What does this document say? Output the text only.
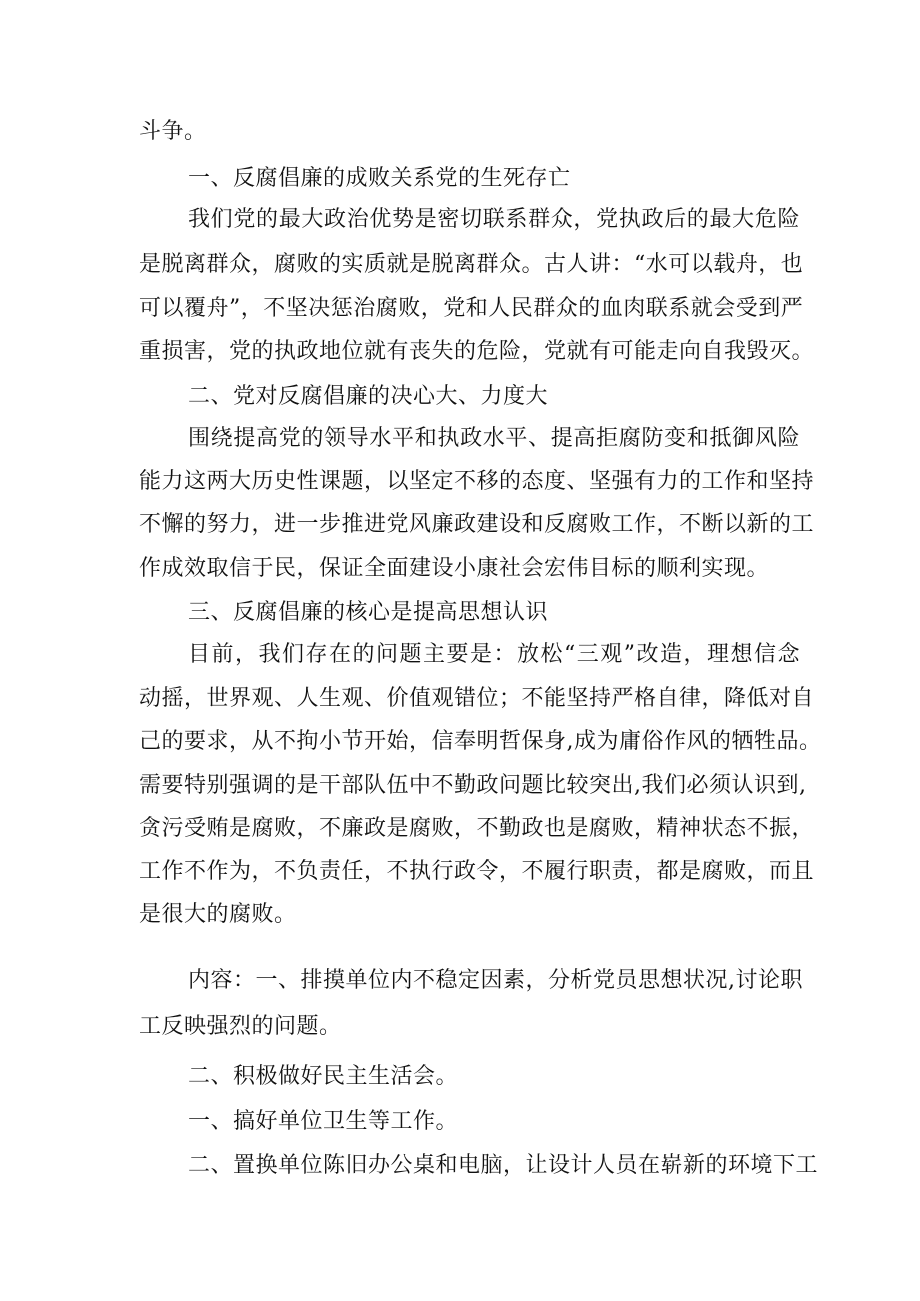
斗争。
一、反腐倡廉的成败关系党的生死存亡
我们党的最大政治优势是密切联系群众，党执政后的最大危险
是脱离群众，腐败的实质就是脱离群众。古人讲：“水可以载舟，也
可以覆舟”，不坚决惩治腐败，党和人民群众的血肉联系就会受到严
重损害，党的执政地位就有丧失的危险，党就有可能走向自我毁灭。
二、党对反腐倡廉的决心大、力度大
围绕提高党的领导水平和执政水平、提高拒腐防变和抵御风险
能力这两大历史性课题，以坚定不移的态度、坚强有力的工作和坚持
不懈的努力，进一步推进党风廉政建设和反腐败工作，不断以新的工
作成效取信于民，保证全面建设小康社会宏伟目标的顺利实现。
三、反腐倡廉的核心是提高思想认识
目前，我们存在的问题主要是：放松“三观”改造，理想信念
动摇，世界观、人生观、价值观错位；不能坚持严格自律，降低对自
己的要求，从不拘小节开始，信奉明哲保身,成为庸俗作风的牺牲品。
需要特别强调的是干部队伍中不勤政问题比较突出,我们必须认识到,
贪污受贿是腐败，不廉政是腐败，不勤政也是腐败，精神状态不振，
工作不作为，不负责任，不执行政令，不履行职责，都是腐败，而且
是很大的腐败。
内容：一、排摸单位内不稳定因素，分析党员思想状况,讨论职
工反映强烈的问题。
二、积极做好民主生活会。
一、搞好单位卫生等工作。
二、置换单位陈旧办公桌和电脑，让设计人员在崭新的环境下工
